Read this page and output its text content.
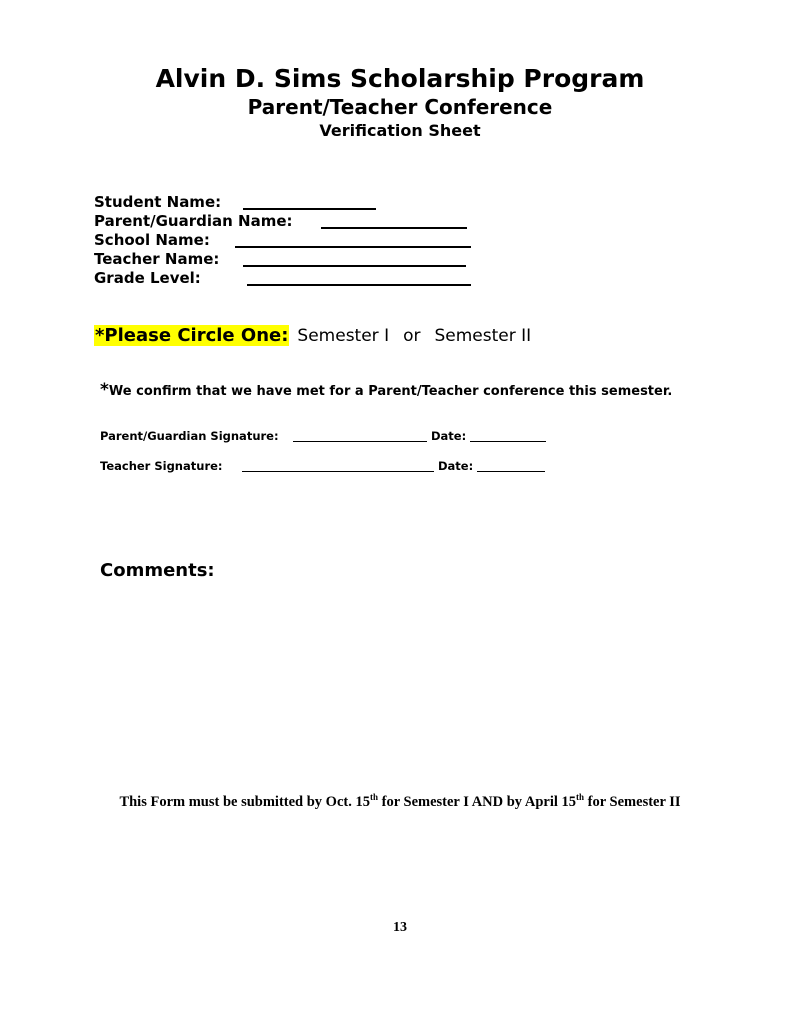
Alvin D. Sims Scholarship Program
Parent/Teacher Conference
Verification Sheet
Student Name:
Parent/Guardian Name:
School Name:
Teacher Name:
Grade Level:
*Please Circle One: Semester I or Semester II
*We confirm that we have met for a Parent/Teacher conference this semester.
Parent/Guardian Signature:	Date:
Teacher Signature:	Date:
Comments:
This Form must be submitted by Oct. 15th for Semester I AND by April 15th for Semester II
13
